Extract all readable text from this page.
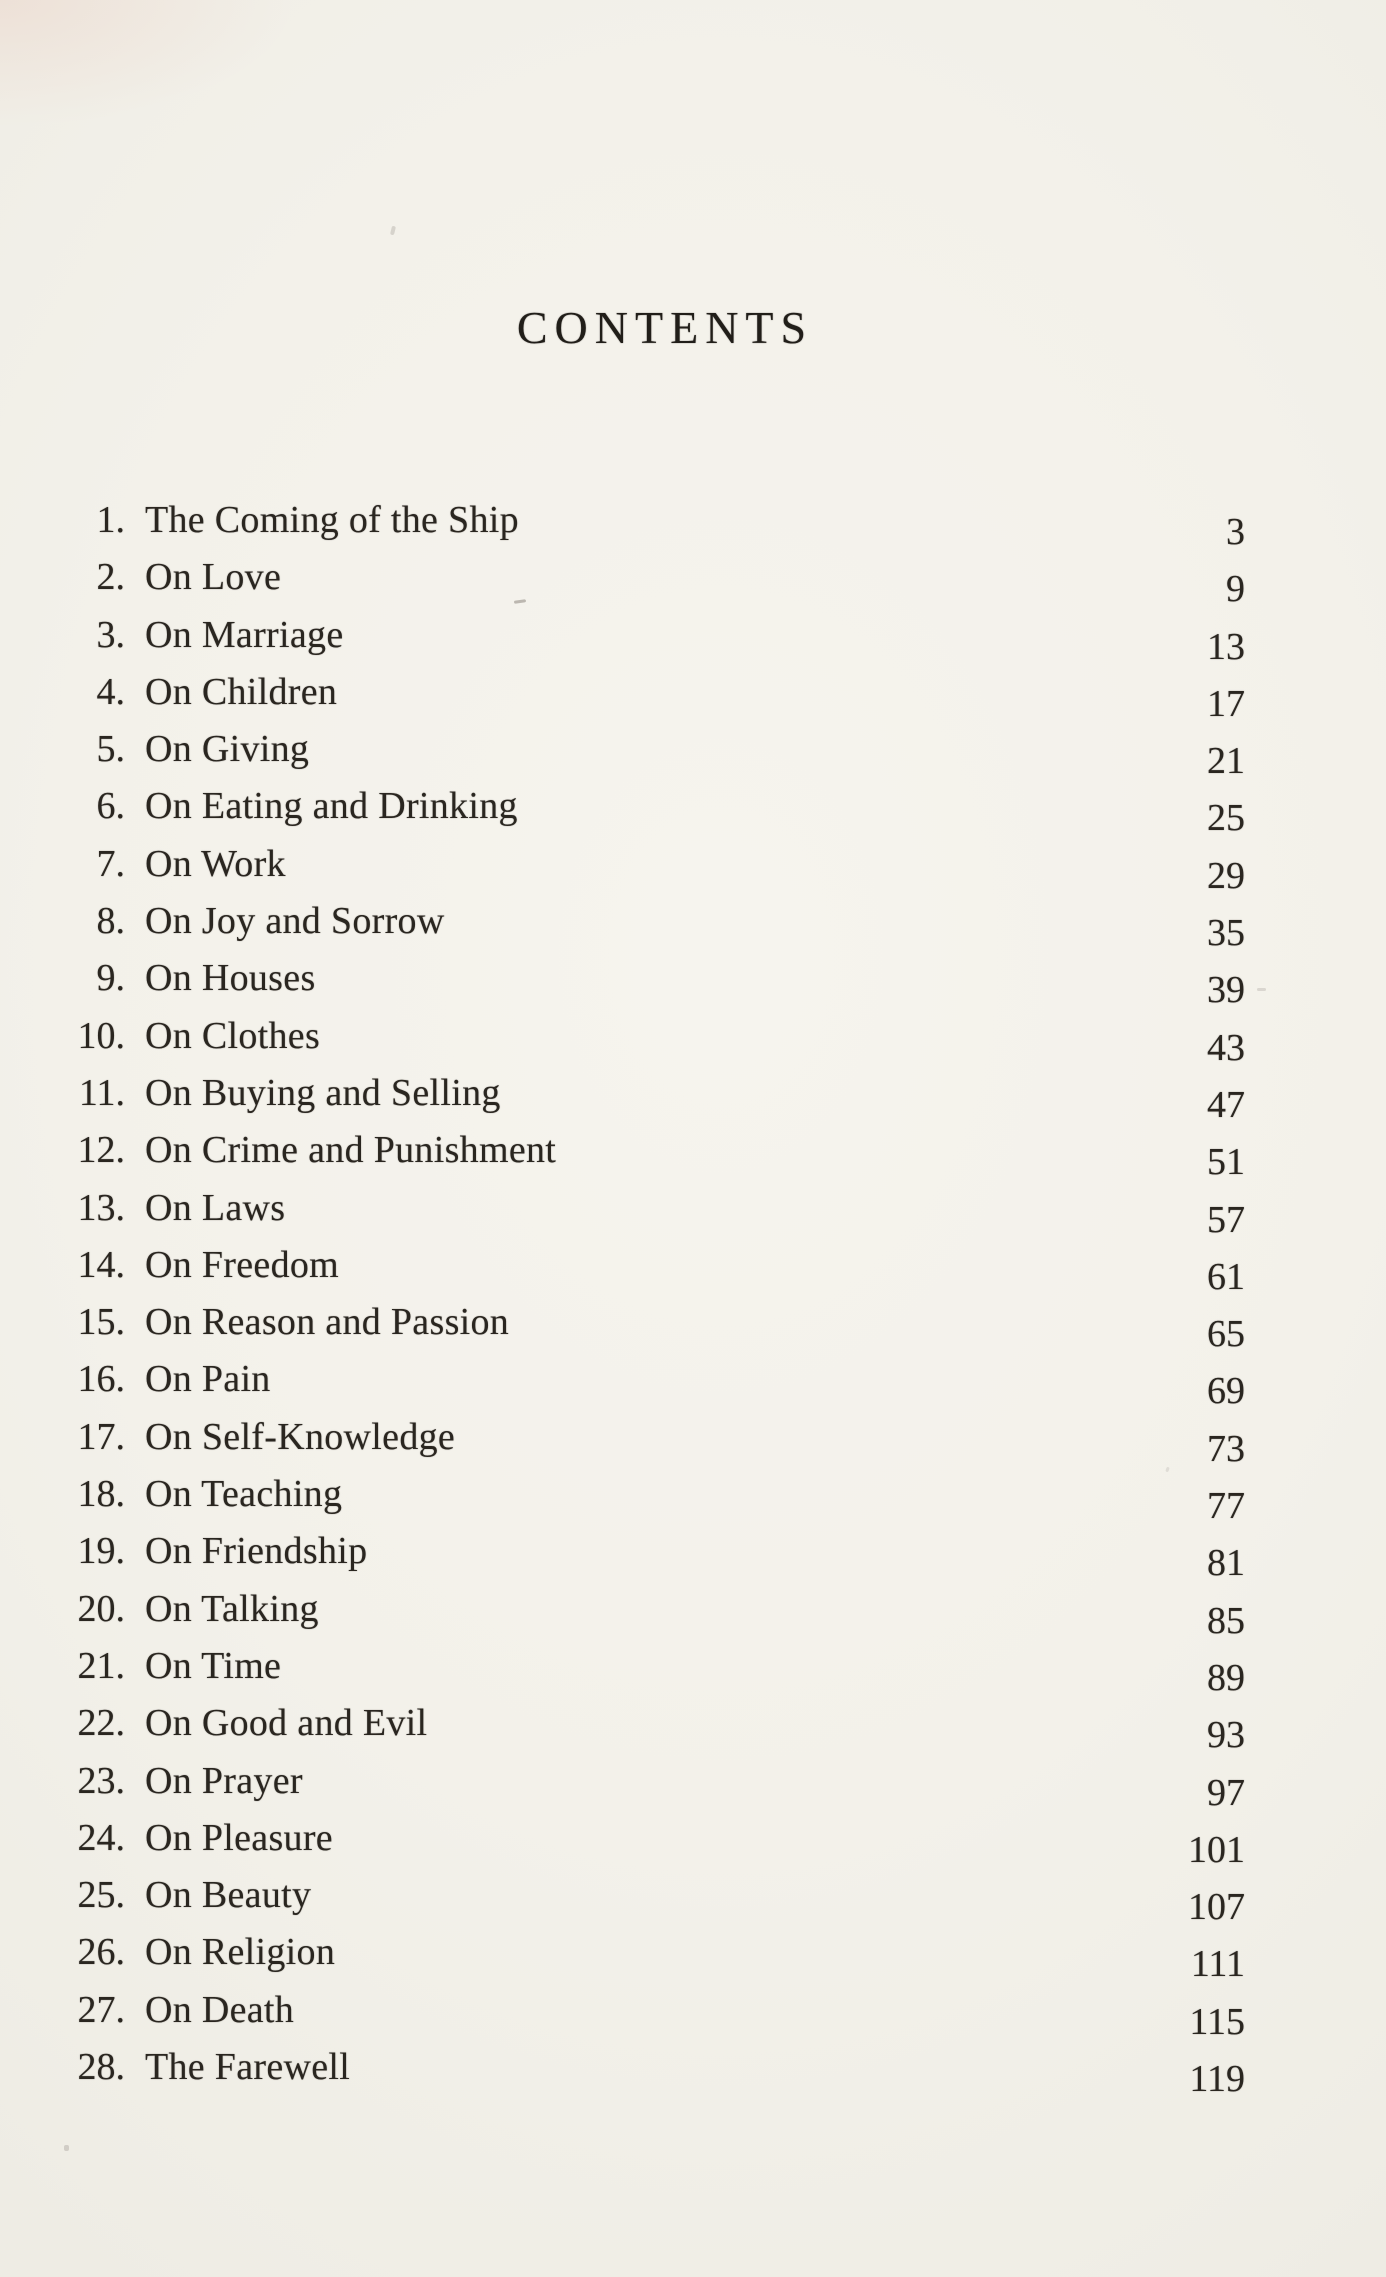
CONTENTS
1. The Coming of the Ship	3
2. On Love	9
3. On Marriage	13
4. On Children	17
5. On Giving	21
6. On Eating and Drinking	25
7. On Work	29
8. On Joy and Sorrow	35
9. On Houses	39
10. On Clothes	43
11. On Buying and Selling	47
12. On Crime and Punishment	51
13. On Laws	57
14. On Freedom	61
15. On Reason and Passion	65
16. On Pain	69
17. On Self-Knowledge	73
18. On Teaching	77
19. On Friendship	81
20. On Talking	85
21. On Time	89
22. On Good and Evil	93
23. On Prayer	97
24. On Pleasure	101
25. On Beauty	107
26. On Religion	111
27. On Death	115
28. The Farewell	119
